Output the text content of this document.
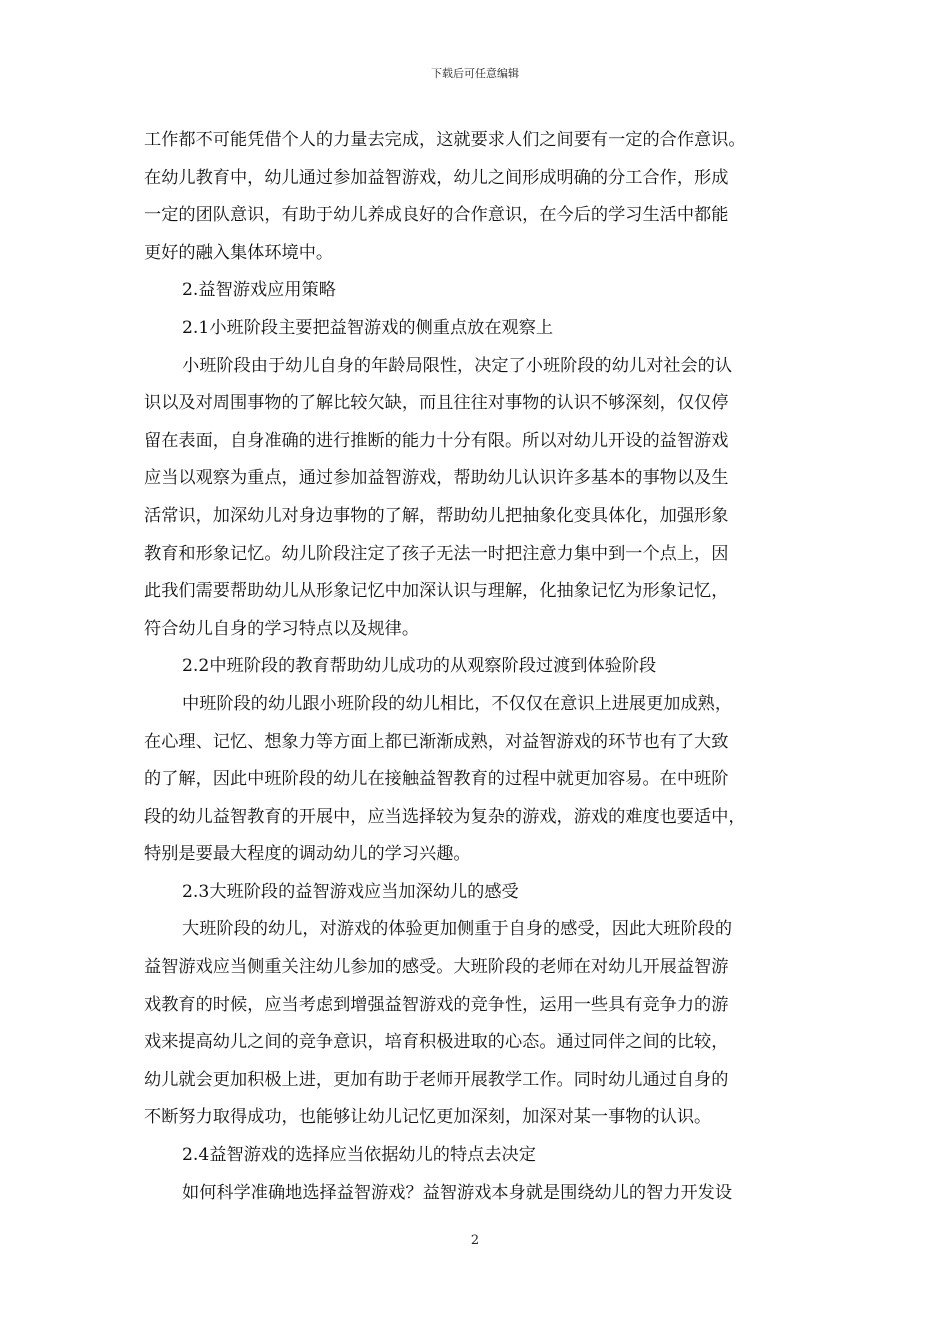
下载后可任意编辑
工作都不可能凭借个人的力量去完成，这就要求人们之间要有一定的合作意识。
在幼儿教育中，幼儿通过参加益智游戏，幼儿之间形成明确的分工合作，形成
一定的团队意识，有助于幼儿养成良好的合作意识，在今后的学习生活中都能
更好的融入集体环境中。
2.益智游戏应用策略
2.1小班阶段主要把益智游戏的侧重点放在观察上
小班阶段由于幼儿自身的年龄局限性，决定了小班阶段的幼儿对社会的认
识以及对周围事物的了解比较欠缺，而且往往对事物的认识不够深刻，仅仅停
留在表面，自身准确的进行推断的能力十分有限。所以对幼儿开设的益智游戏
应当以观察为重点，通过参加益智游戏，帮助幼儿认识许多基本的事物以及生
活常识，加深幼儿对身边事物的了解，帮助幼儿把抽象化变具体化，加强形象
教育和形象记忆。幼儿阶段注定了孩子无法一时把注意力集中到一个点上，因
此我们需要帮助幼儿从形象记忆中加深认识与理解，化抽象记忆为形象记忆，
符合幼儿自身的学习特点以及规律。
2.2中班阶段的教育帮助幼儿成功的从观察阶段过渡到体验阶段
中班阶段的幼儿跟小班阶段的幼儿相比，不仅仅在意识上进展更加成熟，
在心理、记忆、想象力等方面上都已渐渐成熟，对益智游戏的环节也有了大致
的了解，因此中班阶段的幼儿在接触益智教育的过程中就更加容易。在中班阶
段的幼儿益智教育的开展中，应当选择较为复杂的游戏，游戏的难度也要适中，
特别是要最大程度的调动幼儿的学习兴趣。
2.3大班阶段的益智游戏应当加深幼儿的感受
大班阶段的幼儿，对游戏的体验更加侧重于自身的感受，因此大班阶段的
益智游戏应当侧重关注幼儿参加的感受。大班阶段的老师在对幼儿开展益智游
戏教育的时候，应当考虑到增强益智游戏的竞争性，运用一些具有竞争力的游
戏来提高幼儿之间的竞争意识，培育积极进取的心态。通过同伴之间的比较，
幼儿就会更加积极上进，更加有助于老师开展教学工作。同时幼儿通过自身的
不断努力取得成功，也能够让幼儿记忆更加深刻，加深对某一事物的认识。
2.4益智游戏的选择应当依据幼儿的特点去决定
如何科学准确地选择益智游戏？益智游戏本身就是围绕幼儿的智力开发设
2
